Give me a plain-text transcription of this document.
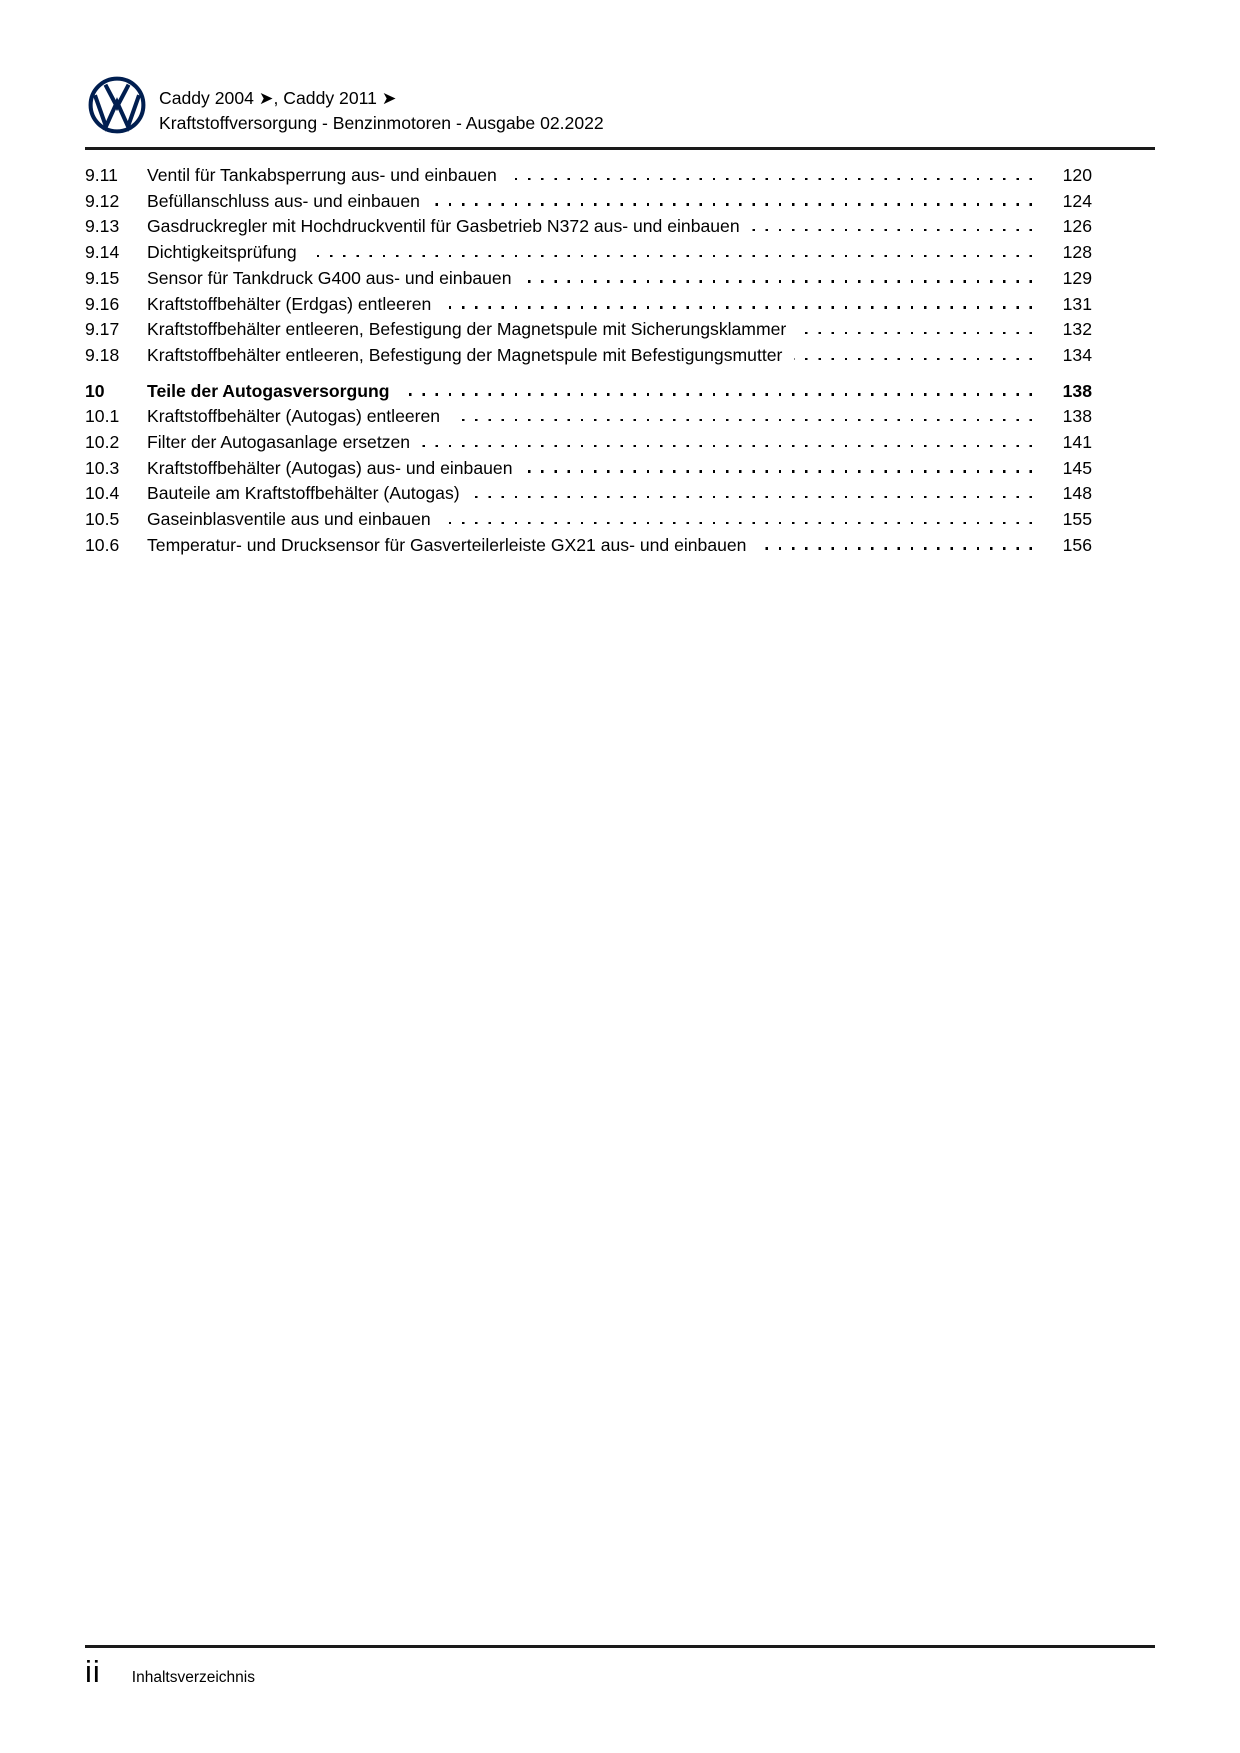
Caddy 2004 ➤, Caddy 2011 ➤
Kraftstoffversorgung - Benzinmotoren - Ausgabe 02.2022
9.11	Ventil für Tankabsperrung aus- und einbauen	120
9.12	Befüllanschluss aus- und einbauen	124
9.13	Gasdruckregler mit Hochdruckventil für Gasbetrieb N372 aus- und einbauen	126
9.14	Dichtigkeitsprüfung	128
9.15	Sensor für Tankdruck G400 aus- und einbauen	129
9.16	Kraftstoffbehälter (Erdgas) entleeren	131
9.17	Kraftstoffbehälter entleeren, Befestigung der Magnetspule mit Sicherungsklammer	132
9.18	Kraftstoffbehälter entleeren, Befestigung der Magnetspule mit Befestigungsmutter	134
10	Teile der Autogasversorgung	138
10.1	Kraftstoffbehälter (Autogas) entleeren	138
10.2	Filter der Autogasanlage ersetzen	141
10.3	Kraftstoffbehälter (Autogas) aus- und einbauen	145
10.4	Bauteile am Kraftstoffbehälter (Autogas)	148
10.5	Gaseinblasventile aus und einbauen	155
10.6	Temperatur- und Drucksensor für Gasverteilerleiste GX21 aus- und einbauen	156
ii Inhaltsverzeichnis
